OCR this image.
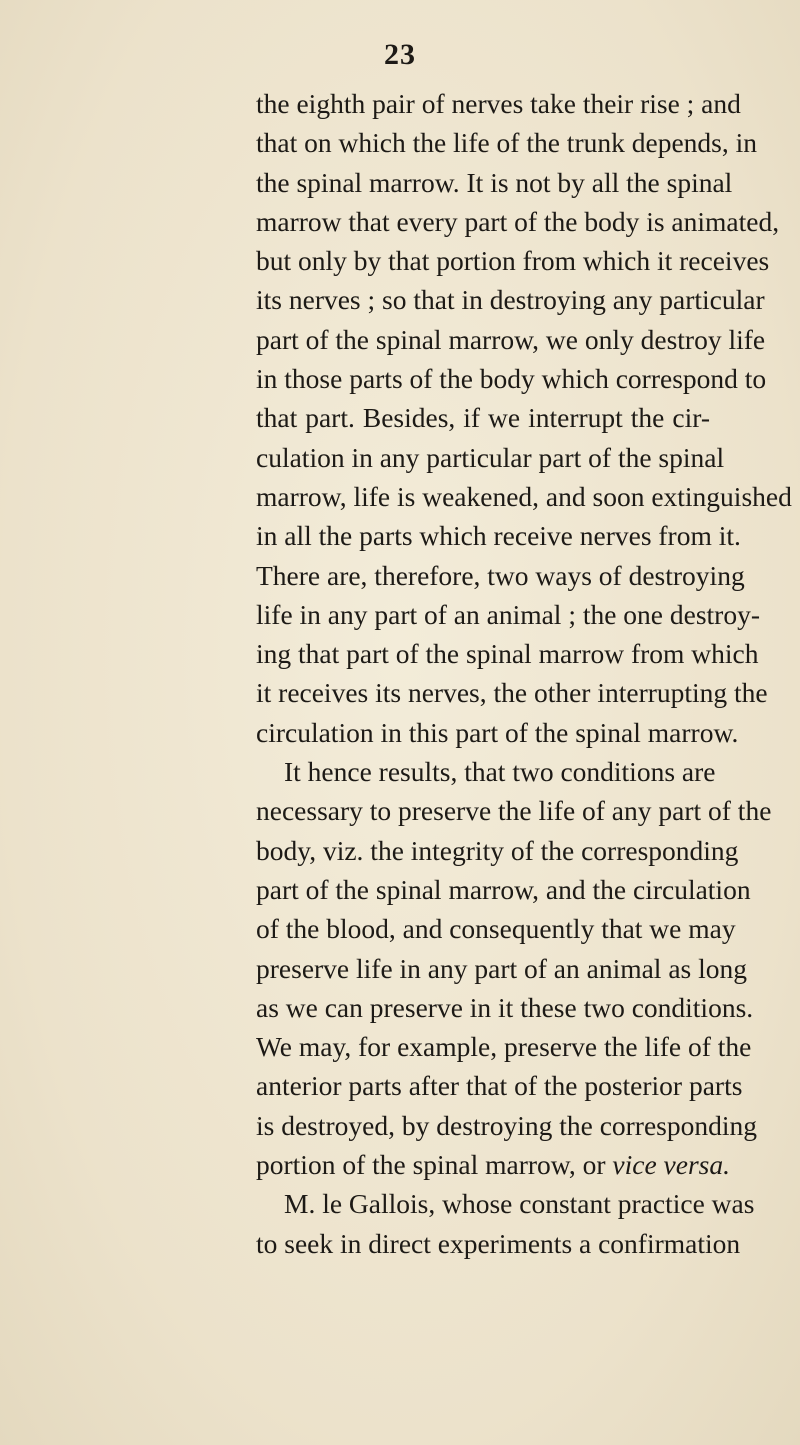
23
the eighth pair of nerves take their rise ; and
that on which the life of the trunk depends, in
the spinal marrow. It is not by all the spinal
marrow that every part of the body is animated,
but only by that portion from which it receives
its nerves ; so that in destroying any particular
part of the spinal marrow, we only destroy life
in those parts of the body which correspond to
that part. Besides, if we interrupt the cir-
culation in any particular part of the spinal
marrow, life is weakened, and soon extinguished
in all the parts which receive nerves from it.
There are, therefore, two ways of destroying
life in any part of an animal ; the one destroy-
ing that part of the spinal marrow from which
it receives its nerves, the other interrupting the
circulation in this part of the spinal marrow.
It hence results, that two conditions are
necessary to preserve the life of any part of the
body, viz. the integrity of the corresponding
part of the spinal marrow, and the circulation
of the blood, and consequently that we may
preserve life in any part of an animal as long
as we can preserve in it these two conditions.
We may, for example, preserve the life of the
anterior parts after that of the posterior parts
is destroyed, by destroying the corresponding
portion of the spinal marrow, or vice versa.
M. le Gallois, whose constant practice was
to seek in direct experiments a confirmation
